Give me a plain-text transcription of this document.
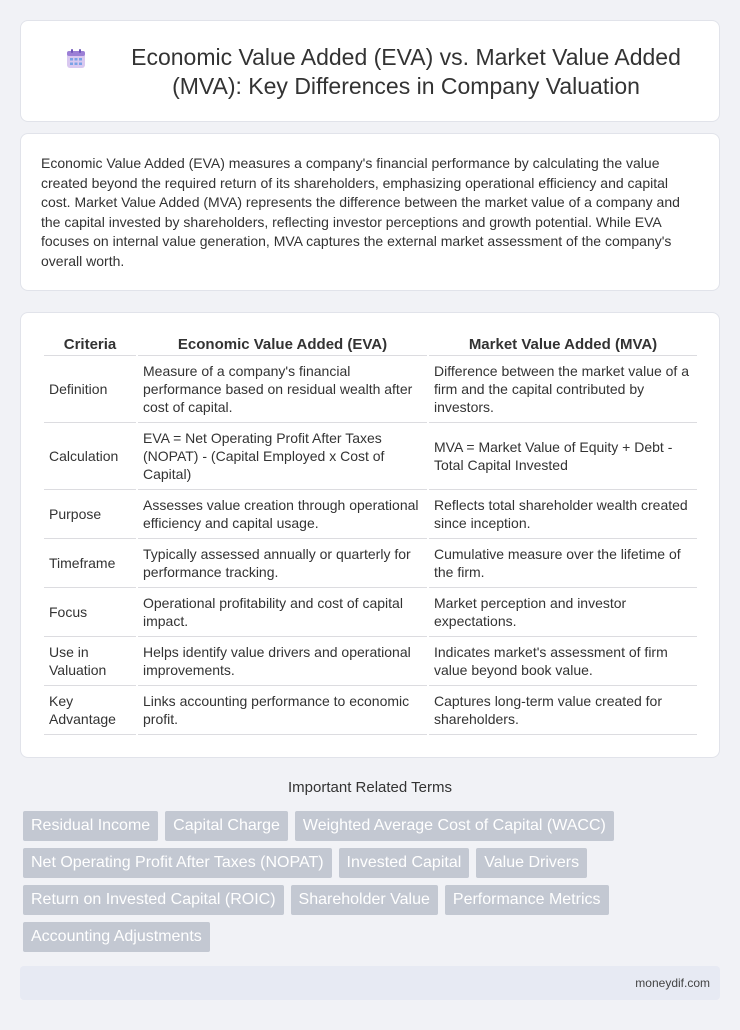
Economic Value Added (EVA) vs. Market Value Added (MVA): Key Differences in Company Valuation

Economic Value Added (EVA) measures a company's financial performance by calculating the value created beyond the required return of its shareholders, emphasizing operational efficiency and capital cost. Market Value Added (MVA) represents the difference between the market value of a company and the capital invested by shareholders, reflecting investor perceptions and growth potential. While EVA focuses on internal value generation, MVA captures the external market assessment of the company's overall worth.

Criteria	Economic Value Added (EVA)	Market Value Added (MVA)
Definition	Measure of a company's financial performance based on residual wealth after cost of capital.	Difference between the market value of a firm and the capital contributed by investors.
Calculation	EVA = Net Operating Profit After Taxes (NOPAT) - (Capital Employed x Cost of Capital)	MVA = Market Value of Equity + Debt - Total Capital Invested
Purpose	Assesses value creation through operational efficiency and capital usage.	Reflects total shareholder wealth created since inception.
Timeframe	Typically assessed annually or quarterly for performance tracking.	Cumulative measure over the lifetime of the firm.
Focus	Operational profitability and cost of capital impact.	Market perception and investor expectations.
Use in Valuation	Helps identify value drivers and operational improvements.	Indicates market's assessment of firm value beyond book value.
Key Advantage	Links accounting performance to economic profit.	Captures long-term value created for shareholders.
Important Related Terms
Residual Income	Capital Charge	Weighted Average Cost of Capital (WACC)
Net Operating Profit After Taxes (NOPAT)	Invested Capital	Value Drivers
Return on Invested Capital (ROIC)	Shareholder Value	Performance Metrics
Accounting Adjustments
moneydif.com
